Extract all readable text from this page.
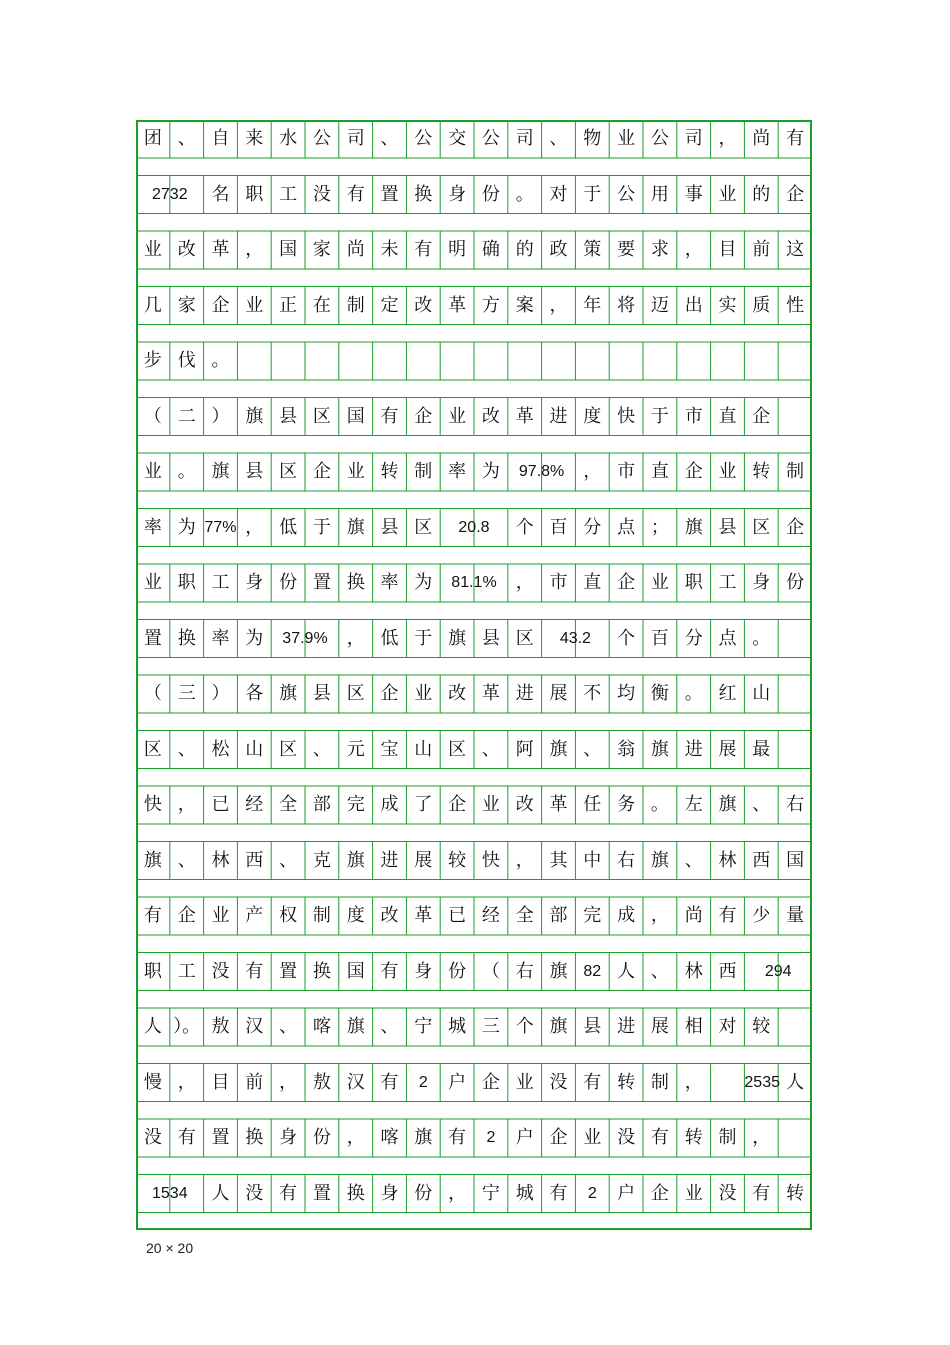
团 、 自 来 水 公 司 、 公 交 公 司 、 物 业 公 司 ， 尚 有
2732	名 职 工 没 有 置 换 身 份 。 对 于 公 用 事 业 的 企
业 改 革 ， 国 家 尚 未 有 明 确 的 政 策 要 求 ， 目 前 这
几 家 企 业 正 在 制 定 改 革 方 案 ， 年 将 迈 出 实 质 性
步 伐 。
（ 二 ） 旗 县 区 国 有 企 业 改 革 进 度 快 于 市 直 企
业 。 旗 县 区 企 业 转 制 率 为	97.8%	， 市 直 企 业 转 制
率 为 77% ， 低 于 旗 县 区	20.8	个 百 分 点 ； 旗 县 区 企
业 职 工 身 份 置 换 率 为	81.1%	， 市 直 企 业 职 工 身 份
置 换 率 为	37.9%	， 低 于 旗 县 区	43.2	个 百 分 点 。
（ 三 ） 各 旗 县 区 企 业 改 革 进 展 不 均 衡 。 红 山
区 、 松 山 区 、 元 宝 山 区 、 阿 旗 、 翁 旗 进 展 最
快 ， 已 经 全 部 完 成 了 企 业 改 革 任 务 。 左 旗 、 右
旗 、 林 西 、 克 旗 进 展 较 快 ， 其 中 右 旗 、 林 西 国
有 企 业 产 权 制 度 改 革 已 经 全 部 完 成 ， 尚 有 少 量
职 工 没 有 置 换 国 有 身 份 （ 右 旗 82 人 、 林 西	294
人 ）。 敖 汉 、 喀 旗 、 宁 城 三 个 旗 县 进 展 相 对 较
慢 ， 目 前 ， 敖 汉 有	2	户 企 业 没 有 转 制 ，	2535 人
没 有 置 换 身 份 ， 喀 旗 有	2	户 企 业 没 有 转 制 ，
1534	人 没 有 置 换 身 份 ， 宁 城 有	2	户 企 业 没 有 转
20 × 20
